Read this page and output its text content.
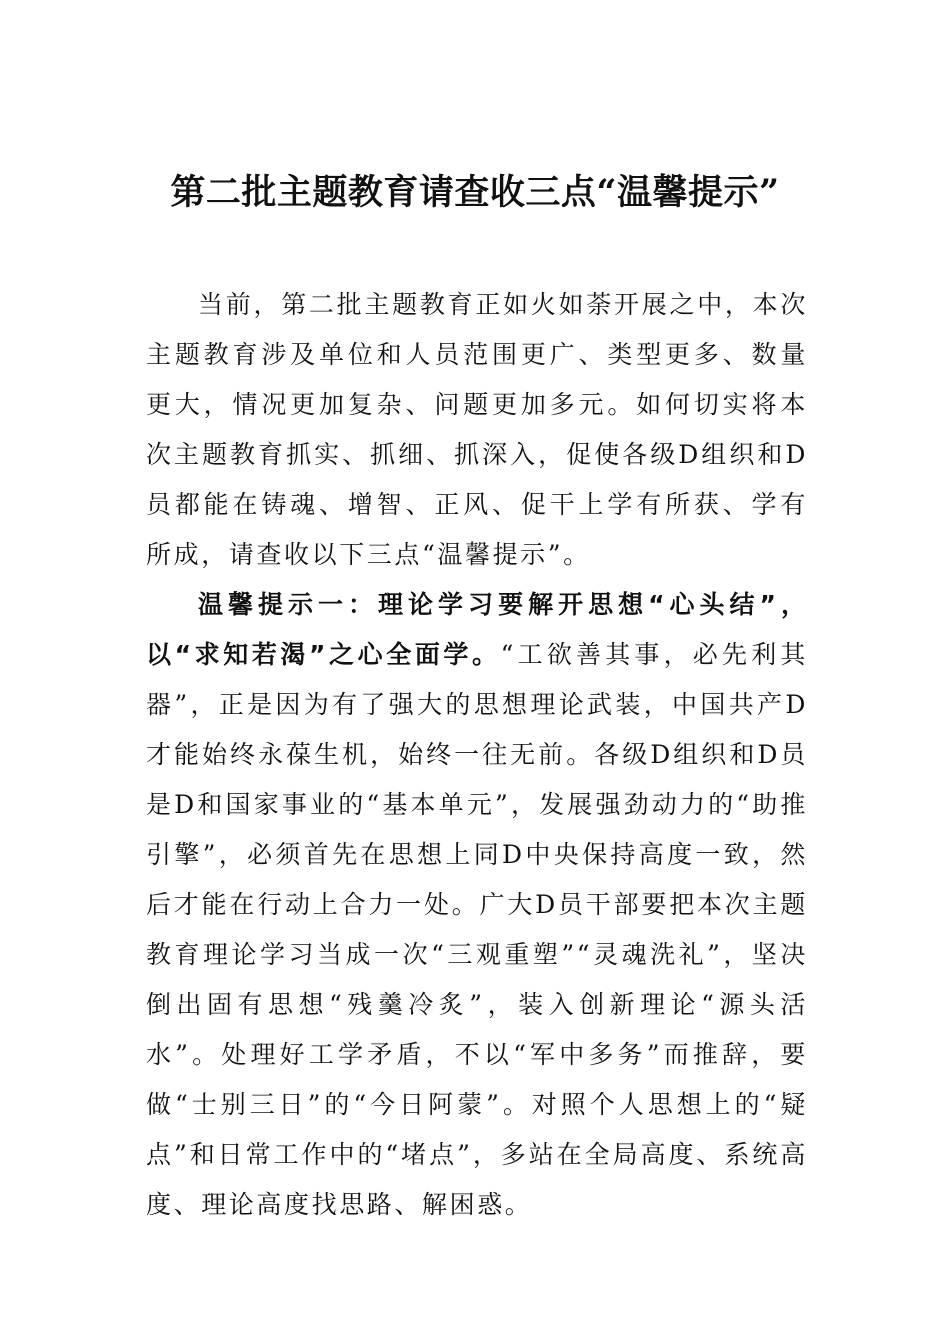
第二批主题教育请查收三点“温馨提示”

当前，第二批主题教育正如火如荼开展之中，本次主题教育涉及单位和人员范围更广、类型更多、数量更大，情况更加复杂、问题更加多元。如何切实将本次主题教育抓实、抓细、抓深入，促使各级D组织和D员都能在铸魂、增智、正风、促干上学有所获、学有所成，请查收以下三点“温馨提示”。

温馨提示一：理论学习要解开思想“心头结”，以“求知若渴”之心全面学。“工欲善其事，必先利其器”，正是因为有了强大的思想理论武装，中国共产D才能始终永葆生机，始终一往无前。各级D组织和D员是D和国家事业的“基本单元”，发展强劲动力的“助推引擎”，必须首先在思想上同D中央保持高度一致，然后才能在行动上合力一处。广大D员干部要把本次主题教育理论学习当成一次“三观重塑”“灵魂洗礼”，坚决倒出固有思想“残羹冷炙”，装入创新理论“源头活水”。处理好工学矛盾，不以“军中多务”而推辞，要做“士别三日”的“今日阿蒙”。对照个人思想上的“疑点”和日常工作中的“堵点”，多站在全局高度、系统高度、理论高度找思路、解困惑。
